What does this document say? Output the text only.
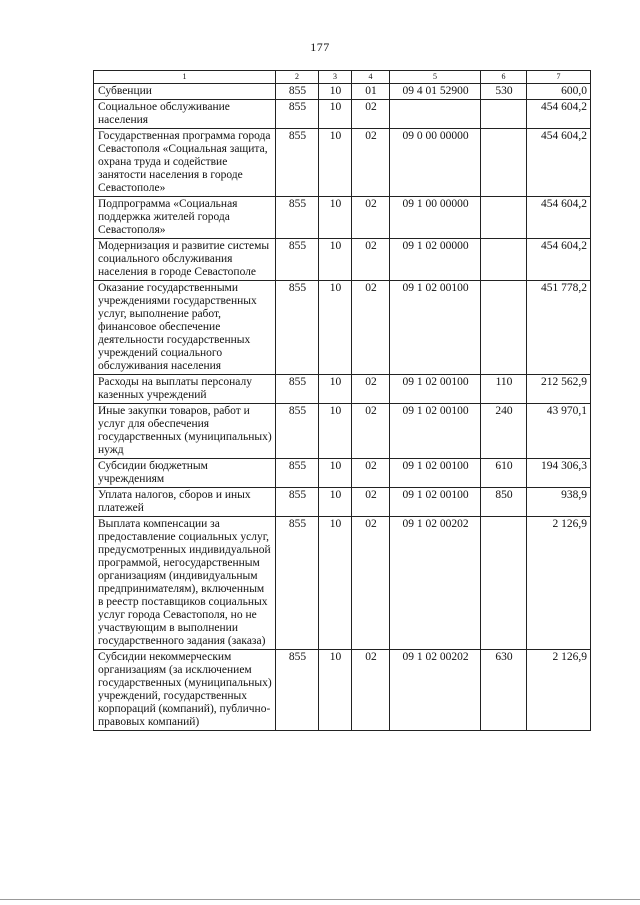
177
1	2	3	4	5	6	7
Субвенции	855	10	01	09 4 01 52900	530	600,0
Социальное обслуживание населения	855	10	02			454 604,2
Государственная программа города Севастополя «Социальная защита, охрана труда и содействие занятости населения в городе Севастополе»	855	10	02	09 0 00 00000		454 604,2
Подпрограмма «Социальная поддержка жителей города Севастополя»	855	10	02	09 1 00 00000		454 604,2
Модернизация и развитие системы социального обслуживания населения в городе Севастополе	855	10	02	09 1 02 00000		454 604,2
Оказание государственными учреждениями государственных услуг, выполнение работ, финансовое обеспечение деятельности государственных учреждений социального обслуживания населения	855	10	02	09 1 02 00100		451 778,2
Расходы на выплаты персоналу казенных учреждений	855	10	02	09 1 02 00100	110	212 562,9
Иные закупки товаров, работ и услуг для обеспечения государственных (муниципальных) нужд	855	10	02	09 1 02 00100	240	43 970,1
Субсидии бюджетным учреждениям	855	10	02	09 1 02 00100	610	194 306,3
Уплата налогов, сборов и иных платежей	855	10	02	09 1 02 00100	850	938,9
Выплата компенсации за предоставление социальных услуг, предусмотренных индивидуальной программой, негосударственным организациям (индивидуальным предпринимателям), включенным в реестр поставщиков социальных услуг города Севастополя, но не участвующим в выполнении государственного задания (заказа)	855	10	02	09 1 02 00202		2 126,9
Субсидии некоммерческим организациям (за исключением государственных (муниципальных) учреждений, государственных корпораций (компаний), публично-правовых компаний)	855	10	02	09 1 02 00202	630	2 126,9
